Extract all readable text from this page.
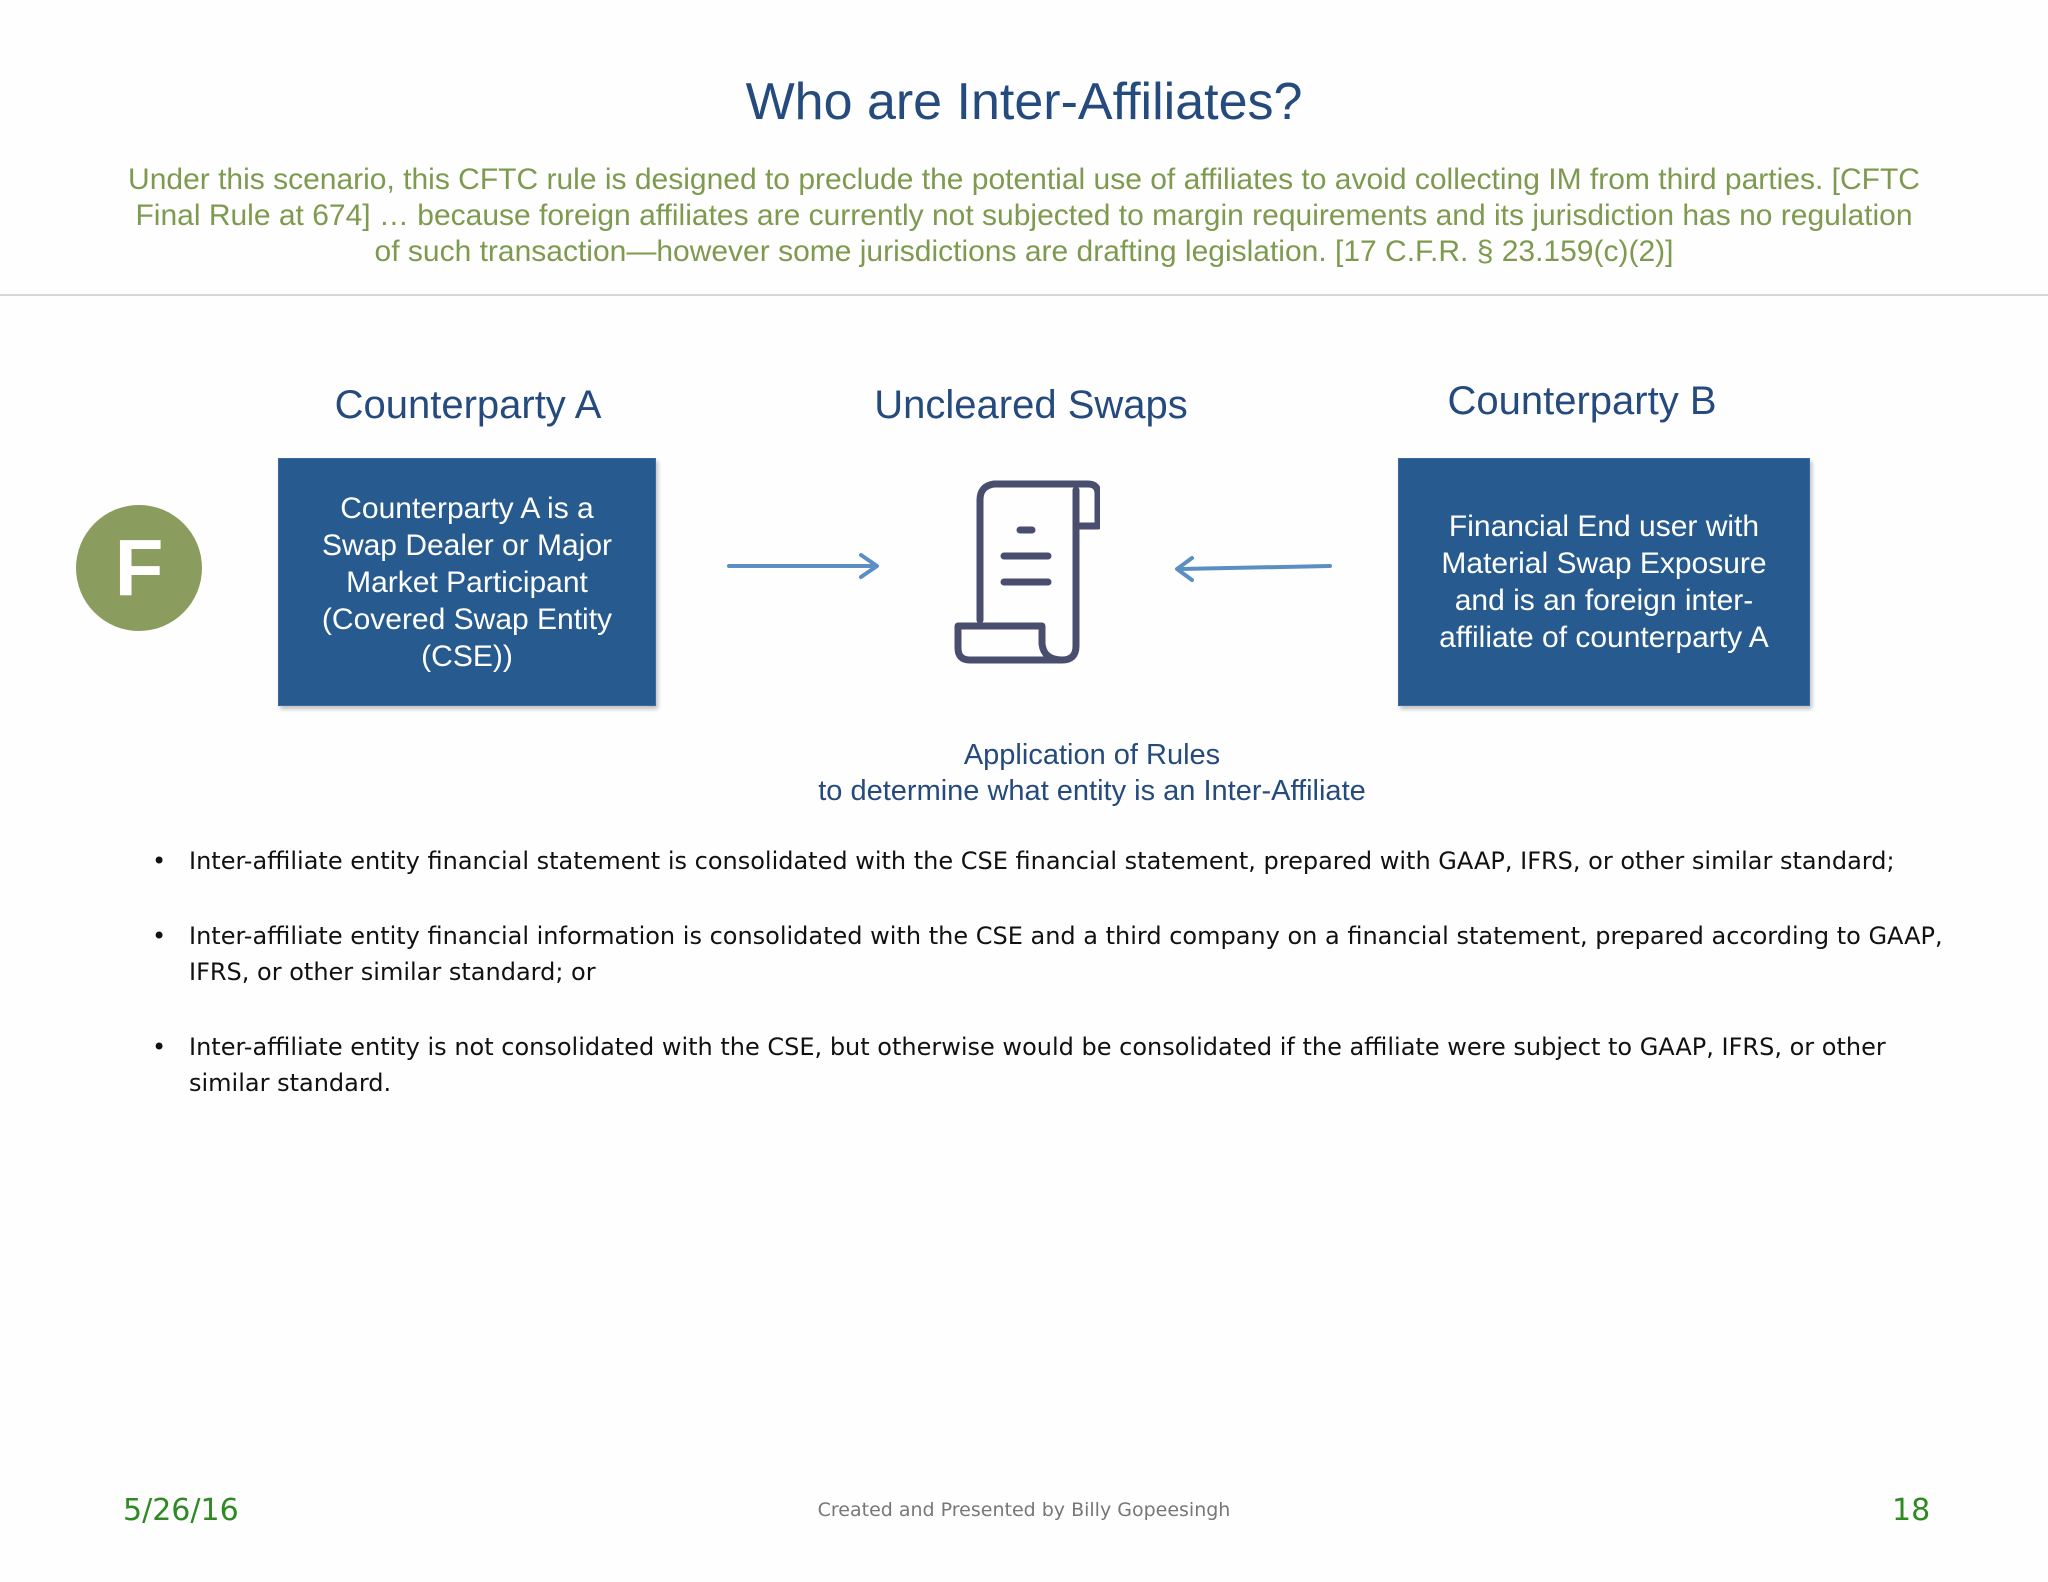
Who are Inter-Affiliates?
Under this scenario, this CFTC rule is designed to preclude the potential use of affiliates to avoid collecting IM from third parties. [CFTC Final Rule at 674] … because foreign affiliates are currently not subjected to margin requirements and its jurisdiction has no regulation of such transaction—however some jurisdictions are drafting legislation. [17 C.F.R. § 23.159(c)(2)]
Counterparty A	Uncleared Swaps	Counterparty B
F
Counterparty A is a Swap Dealer or Major Market Participant (Covered Swap Entity (CSE))
Financial End user with Material Swap Exposure and is an foreign inter-affiliate of counterparty A
Application of Rules
to determine what entity is an Inter-Affiliate
• Inter-affiliate entity financial statement is consolidated with the CSE financial statement, prepared with GAAP, IFRS, or other similar standard;
• Inter-affiliate entity financial information is consolidated with the CSE and a third company on a financial statement, prepared according to GAAP, IFRS, or other similar standard; or
• Inter-affiliate entity is not consolidated with the CSE, but otherwise would be consolidated if the affiliate were subject to GAAP, IFRS, or other similar standard.
5/26/16	Created and Presented by Billy Gopeesingh	18
